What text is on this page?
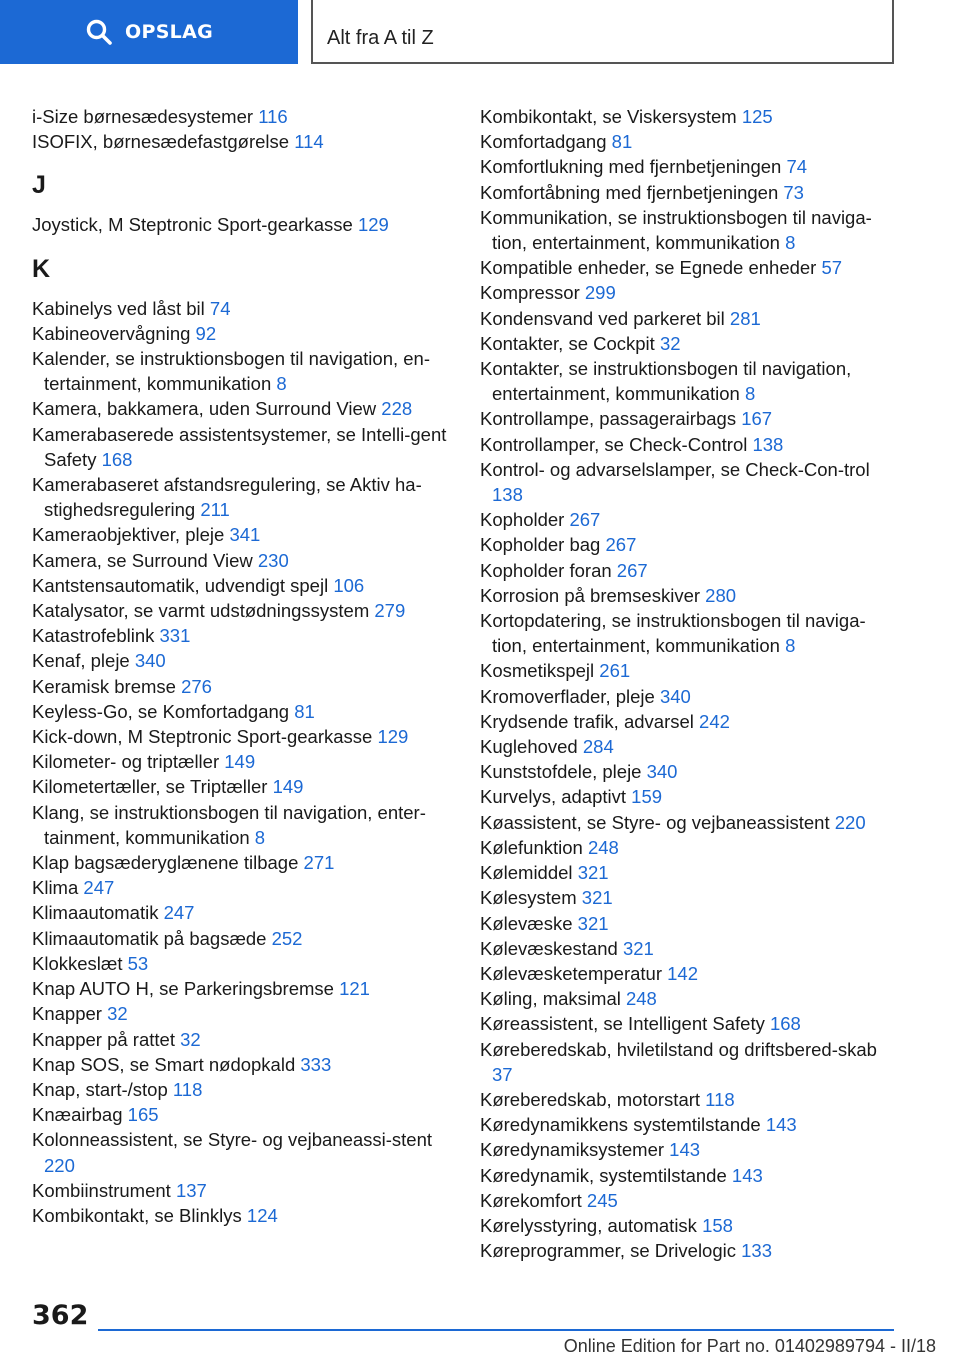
OPSLAG	Alt fra A til Z
i-Size børnesædesystemer 116
ISOFIX, børnesædefastgørelse 114
J
Joystick, M Steptronic Sport-gearkasse 129
K
Kabinelys ved låst bil 74
Kabineovervågning 92
Kalender, se instruktionsbogen til navigation, en-tertainment, kommunikation 8
Kamera, bakkamera, uden Surround View 228
Kamerabaserede assistentsystemer, se Intelli-gent Safety 168
Kamerabaseret afstandsregulering, se Aktiv ha-stighedsregulering 211
Kameraobjektiver, pleje 341
Kamera, se Surround View 230
Kantstensautomatik, udvendigt spejl 106
Katalysator, se varmt udstødningssystem 279
Katastrofeblink 331
Kenaf, pleje 340
Keramisk bremse 276
Keyless-Go, se Komfortadgang 81
Kick-down, M Steptronic Sport-gearkasse 129
Kilometer- og triptæller 149
Kilometertæller, se Triptæller 149
Klang, se instruktionsbogen til navigation, enter-tainment, kommunikation 8
Klap bagsæderyglænene tilbage 271
Klima 247
Klimaautomatik 247
Klimaautomatik på bagsæde 252
Klokkeslæt 53
Knap AUTO H, se Parkeringsbremse 121
Knapper 32
Knapper på rattet 32
Knap SOS, se Smart nødopkald 333
Knap, start-/stop 118
Knæairbag 165
Kolonneassistent, se Styre- og vejbaneassi-stent 220
Kombiinstrument 137
Kombikontakt, se Blinklys 124
Kombikontakt, se Viskersystem 125
Komfortadgang 81
Komfortlukning med fjernbetjeningen 74
Komfortåbning med fjernbetjeningen 73
Kommunikation, se instruktionsbogen til naviga-tion, entertainment, kommunikation 8
Kompatible enheder, se Egnede enheder 57
Kompressor 299
Kondensvand ved parkeret bil 281
Kontakter, se Cockpit 32
Kontakter, se instruktionsbogen til navigation, entertainment, kommunikation 8
Kontrollampe, passagerairbags 167
Kontrollamper, se Check-Control 138
Kontrol- og advarselslamper, se Check-Con-trol 138
Kopholder 267
Kopholder bag 267
Kopholder foran 267
Korrosion på bremseskiver 280
Kortopdatering, se instruktionsbogen til naviga-tion, entertainment, kommunikation 8
Kosmetikspejl 261
Kromoverflader, pleje 340
Krydsende trafik, advarsel 242
Kuglehoved 284
Kunststofdele, pleje 340
Kurvelys, adaptivt 159
Køassistent, se Styre- og vejbaneassistent 220
Kølefunktion 248
Kølemiddel 321
Kølesystem 321
Kølevæske 321
Kølevæskestand 321
Kølevæsketemperatur 142
Køling, maksimal 248
Køreassistent, se Intelligent Safety 168
Køreberedskab, hviletilstand og driftsbered-skab 37
Køreberedskab, motorstart 118
Køredynamikkens systemtilstande 143
Køredynamiksystemer 143
Køredynamik, systemtilstande 143
Kørekomfort 245
Kørelysstyring, automatisk 158
Køreprogrammer, se Drivelogic 133
362
Online Edition for Part no. 01402989794 - II/18
